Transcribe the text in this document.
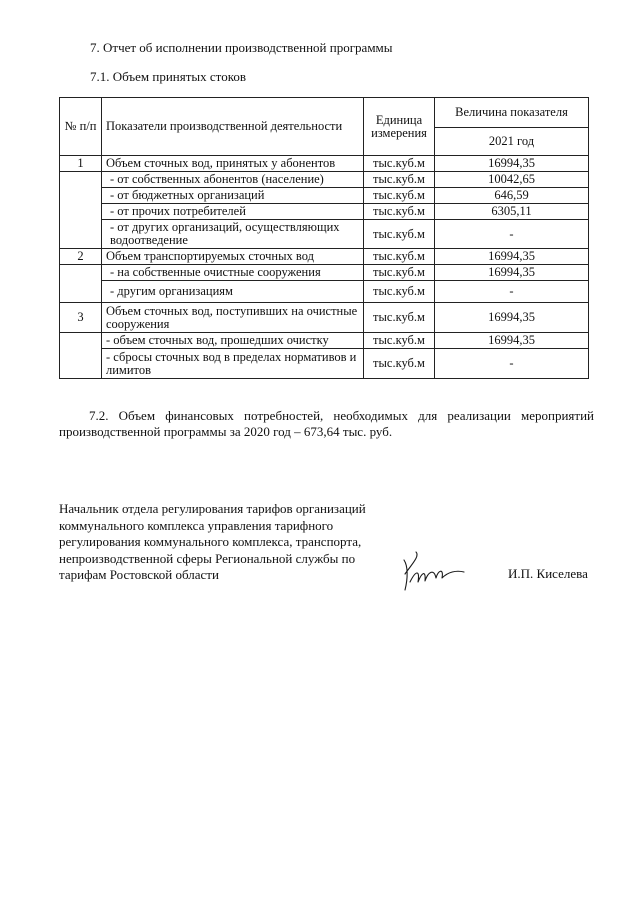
7. Отчет об исполнении производственной программы
7.1. Объем принятых стоков
№ п/п	Показатели производственной деятельности	Единица измерения	Величина показателя
			2021 год
1	Объем сточных вод, принятых у абонентов	тыс.куб.м	16994,35
	- от собственных абонентов (население)	тыс.куб.м	10042,65
	- от бюджетных организаций	тыс.куб.м	646,59
	- от прочих потребителей	тыс.куб.м	6305,11
	- от других организаций, осуществляющих водоотведение	тыс.куб.м	-
2	Объем транспортируемых сточных вод	тыс.куб.м	16994,35
	- на собственные очистные сооружения	тыс.куб.м	16994,35
	- другим организациям	тыс.куб.м	-
3	Объем сточных вод, поступивших на очистные сооружения	тыс.куб.м	16994,35
	- объем сточных вод, прошедших очистку	тыс.куб.м	16994,35
	- сбросы сточных вод в пределах нормативов и лимитов	тыс.куб.м	-
7.2. Объем финансовых потребностей, необходимых для реализации мероприятий производственной программы за 2020 год – 673,64 тыс. руб.
Начальник отдела регулирования тарифов организаций коммунального комплекса управления тарифного регулирования коммунального комплекса, транспорта, непроизводственной сферы Региональной службы по тарифам Ростовской области	И.П. Киселева
